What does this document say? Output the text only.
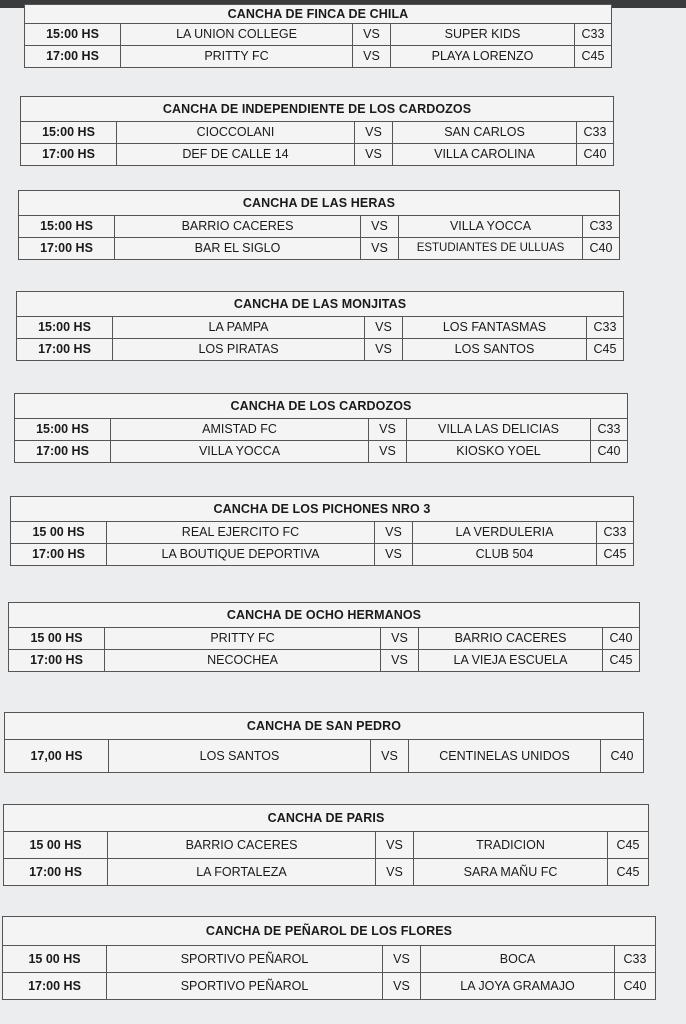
CANCHA DE FINCA DE CHILA
15:00 HS	LA UNION COLLEGE	VS	SUPER KIDS	C33
17:00 HS	PRITTY FC	VS	PLAYA LORENZO	C45
CANCHA DE INDEPENDIENTE DE LOS CARDOZOS
15:00 HS	CIOCCOLANI	VS	SAN CARLOS	C33
17:00 HS	DEF DE CALLE 14	VS	VILLA CAROLINA	C40
CANCHA DE LAS HERAS
15:00 HS	BARRIO CACERES	VS	VILLA YOCCA	C33
17:00 HS	BAR EL SIGLO	VS	ESTUDIANTES DE ULLUAS	C40
CANCHA DE LAS MONJITAS
15:00 HS	LA PAMPA	VS	LOS FANTASMAS	C33
17:00 HS	LOS PIRATAS	VS	LOS SANTOS	C45
CANCHA DE LOS CARDOZOS
15:00 HS	AMISTAD FC	VS	VILLA LAS DELICIAS	C33
17:00 HS	VILLA YOCCA	VS	KIOSKO YOEL	C40
CANCHA DE LOS PICHONES NRO 3
15 00 HS	REAL EJERCITO FC	VS	LA VERDULERIA	C33
17:00 HS	LA BOUTIQUE DEPORTIVA	VS	CLUB 504	C45
CANCHA DE OCHO HERMANOS
15 00 HS	PRITTY FC	VS	BARRIO CACERES	C40
17:00 HS	NECOCHEA	VS	LA VIEJA ESCUELA	C45
CANCHA DE SAN PEDRO
17,00 HS	LOS SANTOS	VS	CENTINELAS UNIDOS	C40
CANCHA DE PARIS
15 00 HS	BARRIO CACERES	VS	TRADICION	C45
17:00 HS	LA FORTALEZA	VS	SARA MAÑU FC	C45
CANCHA DE PEÑAROL DE LOS FLORES
15 00 HS	SPORTIVO PEÑAROL	VS	BOCA	C33
17:00 HS	SPORTIVO PEÑAROL	VS	LA JOYA GRAMAJO	C40
